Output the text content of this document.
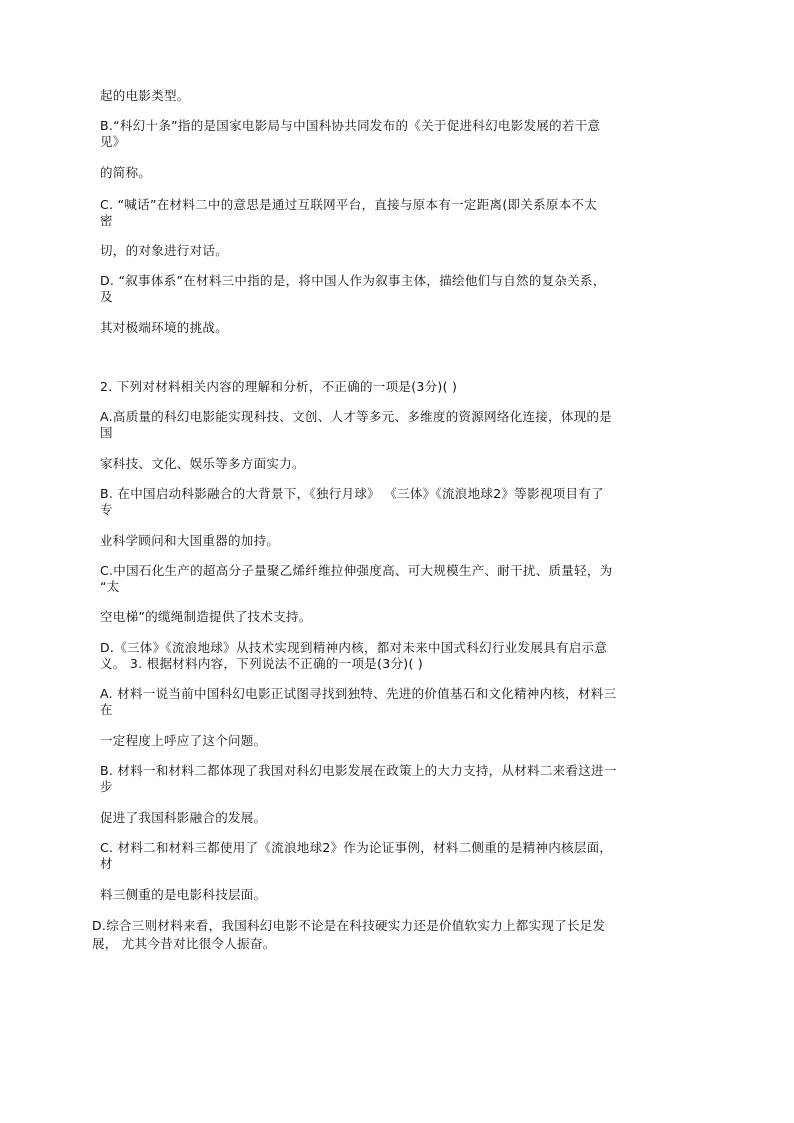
起的电影类型。
B.“科幻十条”指的是国家电影局与中国科协共同发布的《关于促进科幻电影发展的若干意
见》
的简称。
C. “喊话”在材料二中的意思是通过互联网平台，直接与原本有一定距离(即关系原本不太
密
切，的对象进行对话。
D. “叙事体系”在材料三中指的是，将中国人作为叙事主体，描绘他们与自然的复杂关系，
及
其对极端环境的挑战。
2. 下列对材料相关内容的理解和分析，不正确的一项是(3分)( )
A.高质量的科幻电影能实现科技、文创、人才等多元、多维度的资源网络化连接，体现的是
国
家科技、文化、娱乐等多方面实力。
B. 在中国启动科影融合的大背景下，《独行月球》 《三体》《流浪地球2》等影视项目有了
专
业科学顾问和大国重器的加持。
C.中国石化生产的超高分子量聚乙烯纤维拉伸强度高、可大规模生产、耐干扰、质量轻，为
“太
空电梯”的缆绳制造提供了技术支持。
D.《三体》《流浪地球》从技术实现到精神内核，都对未来中国式科幻行业发展具有启示意
义。 3. 根据材料内容，下列说法不正确的一项是(3分)( )
A. 材料一说当前中国科幻电影正试图寻找到独特、先进的价值基石和文化精神内核，材料三
在
一定程度上呼应了这个问题。
B. 材料一和材料二都体现了我国对科幻电影发展在政策上的大力支持，从材料二来看这进一
步
促进了我国科影融合的发展。
C. 材料二和材料三都使用了《流浪地球2》作为论证事例，材料二侧重的是精神内核层面，
材
料三侧重的是电影科技层面。
D.综合三则材料来看，我国科幻电影不论是在科技硬实力还是价值软实力上都实现了长足发
展， 尤其今昔对比很令人振奋。
